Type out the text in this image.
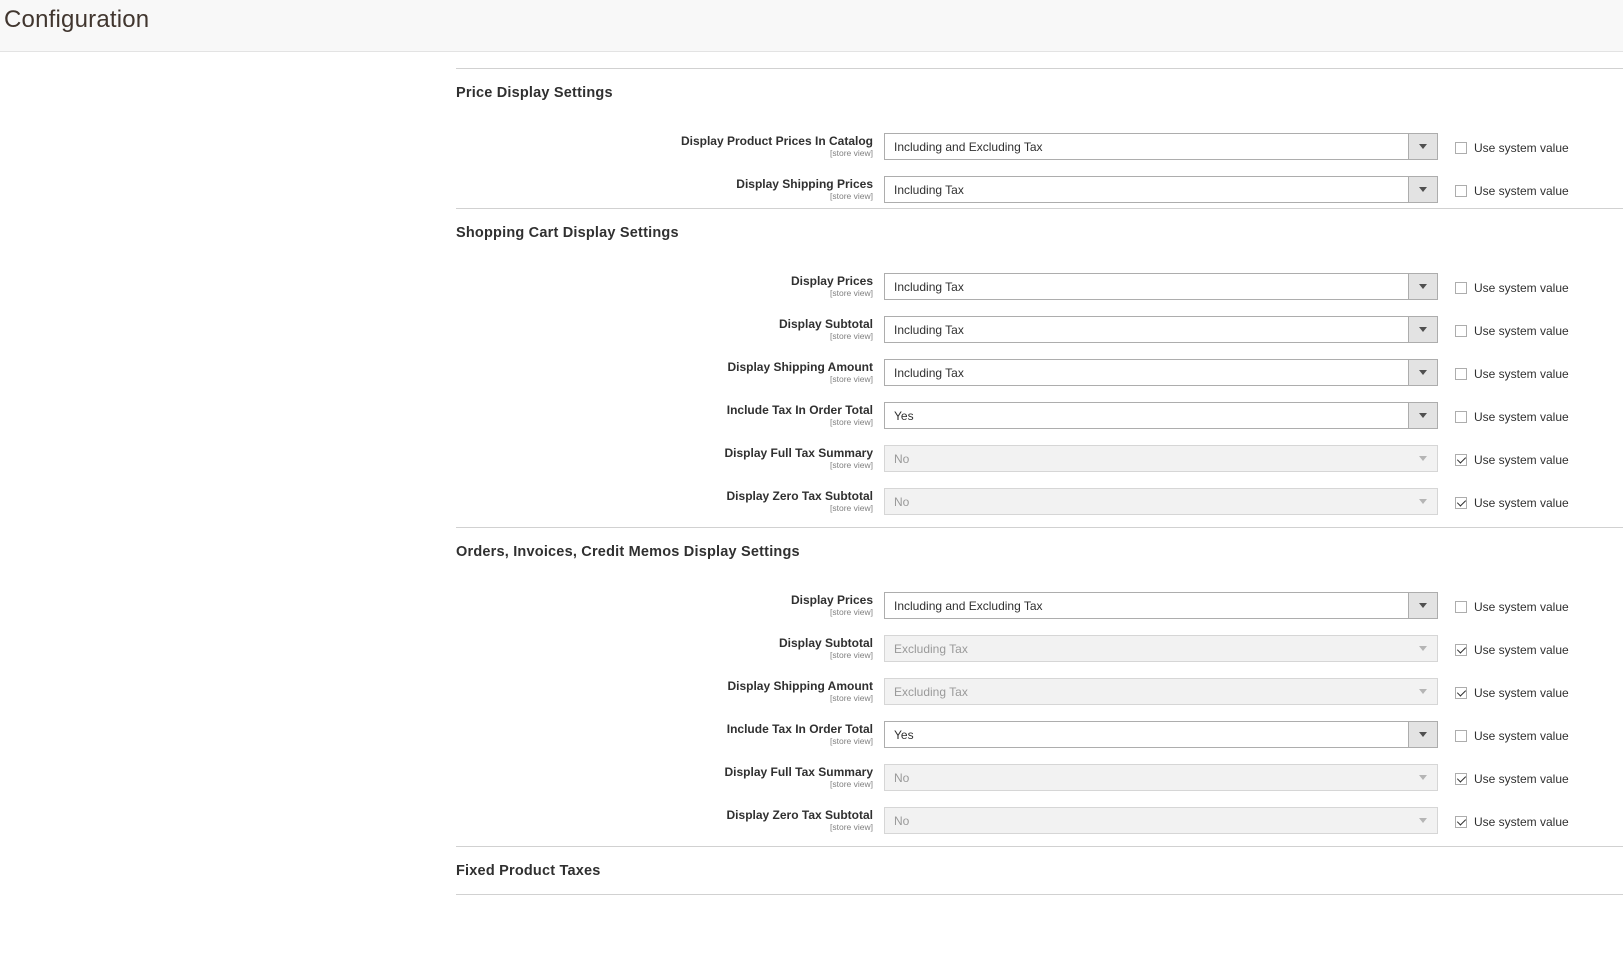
Configuration
Price Display Settings
Display Product Prices In Catalog
[store view] Including and Excluding Tax	Use system value
Display Shipping Prices
[store view] Including Tax	Use system value
Shopping Cart Display Settings
Display Prices
[store view] Including Tax	Use system value
Display Subtotal
[store view] Including Tax	Use system value
Display Shipping Amount
[store view] Including Tax	Use system value
Include Tax In Order Total
[store view] Yes	Use system value
Display Full Tax Summary
[store view] No	Use system value
Display Zero Tax Subtotal
[store view] No	Use system value
Orders, Invoices, Credit Memos Display Settings
Display Prices
[store view] Including and Excluding Tax	Use system value
Display Subtotal
[store view] Excluding Tax	Use system value
Display Shipping Amount
[store view] Excluding Tax	Use system value
Include Tax In Order Total
[store view] Yes	Use system value
Display Full Tax Summary
[store view] No	Use system value
Display Zero Tax Subtotal
[store view] No	Use system value
Fixed Product Taxes
